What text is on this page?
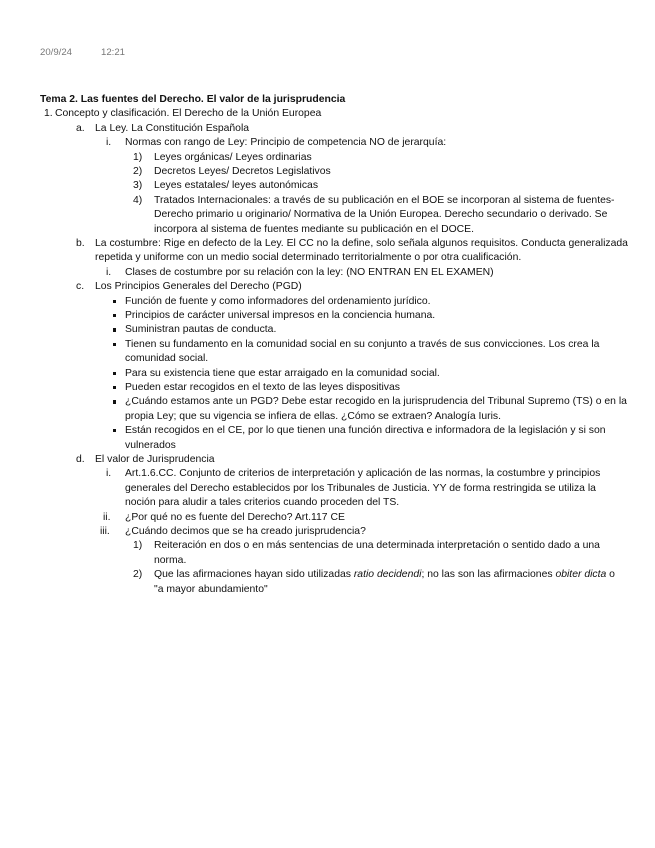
20/9/24	12:21
Tema 2. Las fuentes del Derecho. El valor de la jurisprudencia
1. Concepto y clasificación. El Derecho de la Unión Europea
a. La Ley. La Constitución Española
i. Normas con rango de Ley: Principio de competencia NO de jerarquía:
1) Leyes orgánicas/ Leyes ordinarias
2) Decretos Leyes/ Decretos Legislativos
3) Leyes estatales/ leyes autonómicas
4) Tratados Internacionales: a través de su publicación en el BOE se incorporan al sistema de fuentes-
Derecho primario u originario/ Normativa de la Unión Europea. Derecho secundario o derivado. Se
incorpora al sistema de fuentes mediante su publicación en el DOCE.
b. La costumbre: Rige en defecto de la Ley. El CC no la define, solo señala algunos requisitos. Conducta generalizada
repetida y uniforme con un medio social determinado territorialmente o por otra cualificación.
i. Clases de costumbre por su relación con la ley: (NO ENTRAN EN EL EXAMEN)
c. Los Principios Generales del Derecho (PGD)
Función de fuente y como informadores del ordenamiento jurídico.
Principios de carácter universal impresos en la conciencia humana.
Suministran pautas de conducta.
Tienen su fundamento en la comunidad social en su conjunto a través de sus convicciones. Los crea la
comunidad social.
Para su existencia tiene que estar arraigado en la comunidad social.
Pueden estar recogidos en el texto de las leyes dispositivas
¿Cuándo estamos ante un PGD? Debe estar recogido en la jurisprudencia del Tribunal Supremo (TS) o en la
propia Ley; que su vigencia se infiera de ellas. ¿Cómo se extraen? Analogía Iuris.
Están recogidos en el CE, por lo que tienen una función directiva e informadora de la legislación y si son
vulnerados
d. El valor de Jurisprudencia
i. Art.1.6.CC. Conjunto de criterios de interpretación y aplicación de las normas, la costumbre y principios
generales del Derecho establecidos por los Tribunales de Justicia. YY de forma restringida se utiliza la
noción para aludir a tales criterios cuando proceden del TS.
ii. ¿Por qué no es fuente del Derecho? Art.117 CE
iii. ¿Cuándo decimos que se ha creado jurisprudencia?
1) Reiteración en dos o en más sentencias de una determinada interpretación o sentido dado a una
norma.
2) Que las afirmaciones hayan sido utilizadas ratio decidendi; no las son las afirmaciones obiter dicta o
"a mayor abundamiento"
